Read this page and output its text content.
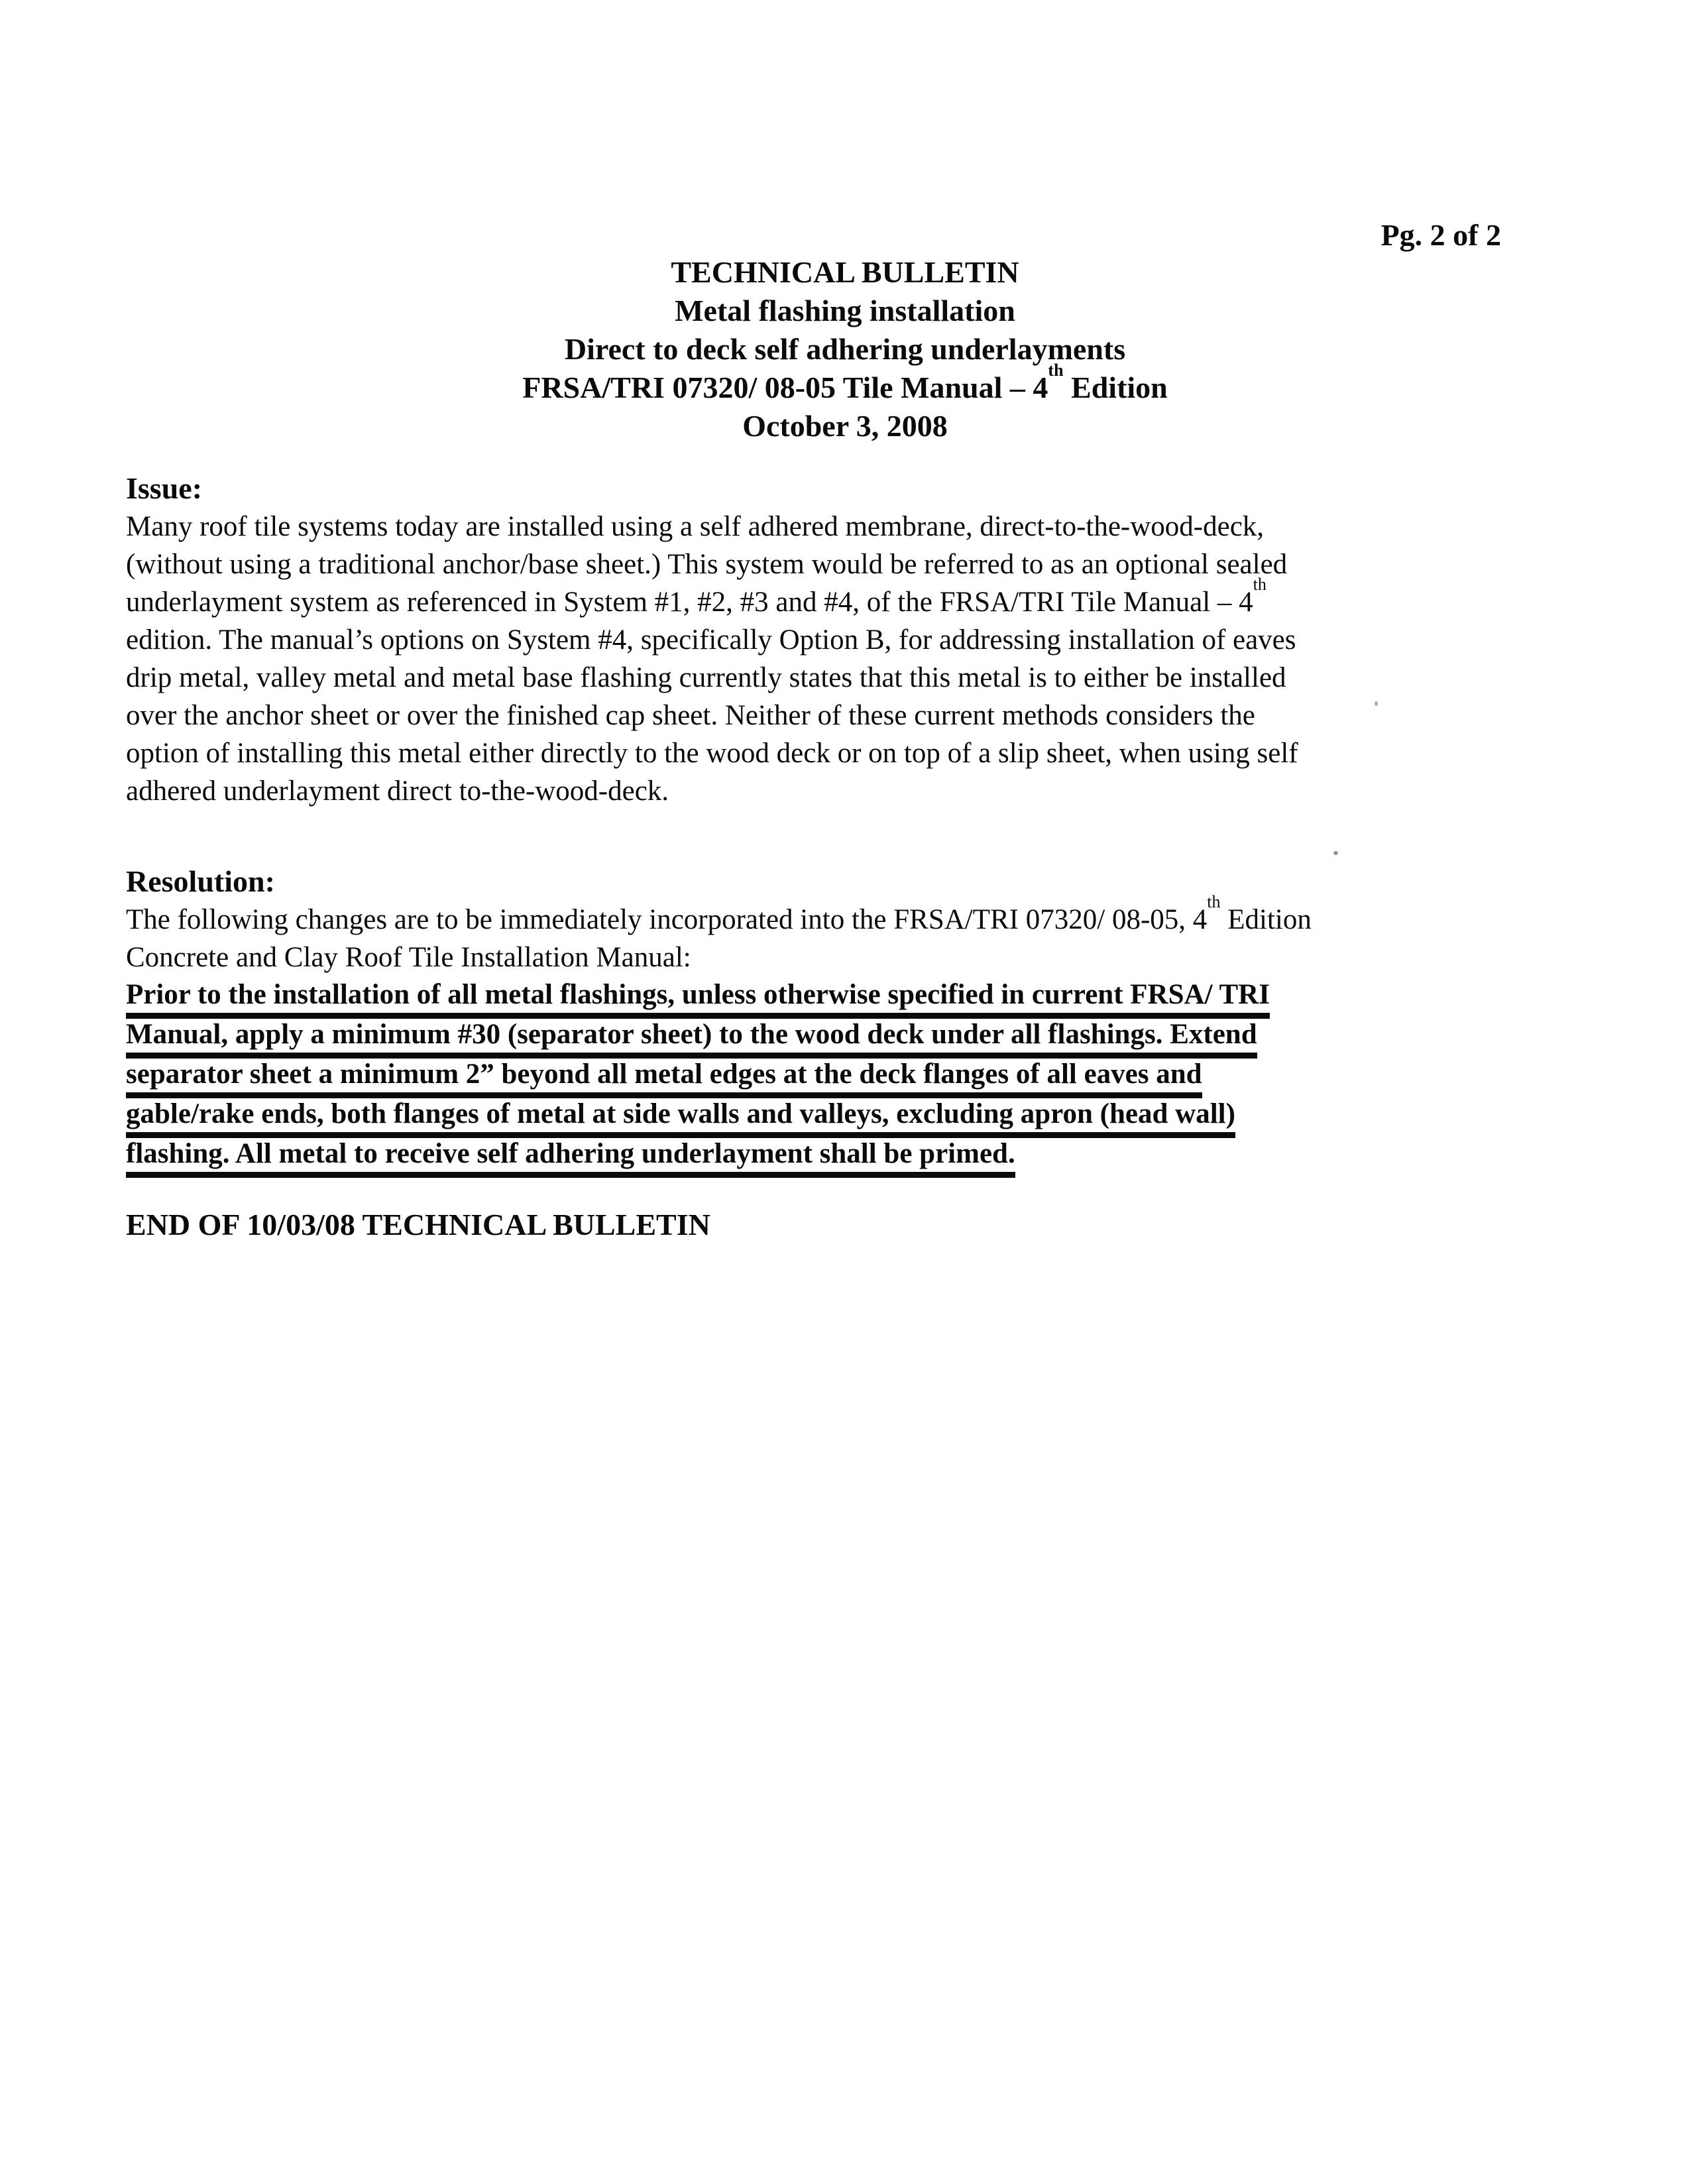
Pg. 2 of 2
TECHNICAL BULLETIN
Metal flashing installation
Direct to deck self adhering underlayments
FRSA/TRI 07320/ 08-05 Tile Manual – 4th Edition
October 3, 2008
Issue:
Many roof tile systems today are installed using a self adhered membrane, direct-to-the-wood-deck,
(without using a traditional anchor/base sheet.) This system would be referred to as an optional sealed
underlayment system as referenced in System #1, #2, #3 and #4, of the FRSA/TRI Tile Manual – 4th
edition. The manual’s options on System #4, specifically Option B, for addressing installation of eaves
drip metal, valley metal and metal base flashing currently states that this metal is to either be installed
over the anchor sheet or over the finished cap sheet. Neither of these current methods considers the
option of installing this metal either directly to the wood deck or on top of a slip sheet, when using self
adhered underlayment direct to-the-wood-deck.
Resolution:
The following changes are to be immediately incorporated into the FRSA/TRI 07320/ 08-05, 4th Edition
Concrete and Clay Roof Tile Installation Manual:
Prior to the installation of all metal flashings, unless otherwise specified in current FRSA/ TRI
Manual, apply a minimum #30 (separator sheet) to the wood deck under all flashings. Extend
separator sheet a minimum 2” beyond all metal edges at the deck flanges of all eaves and
gable/rake ends, both flanges of metal at side walls and valleys, excluding apron (head wall)
flashing. All metal to receive self adhering underlayment shall be primed.
END OF 10/03/08 TECHNICAL BULLETIN
